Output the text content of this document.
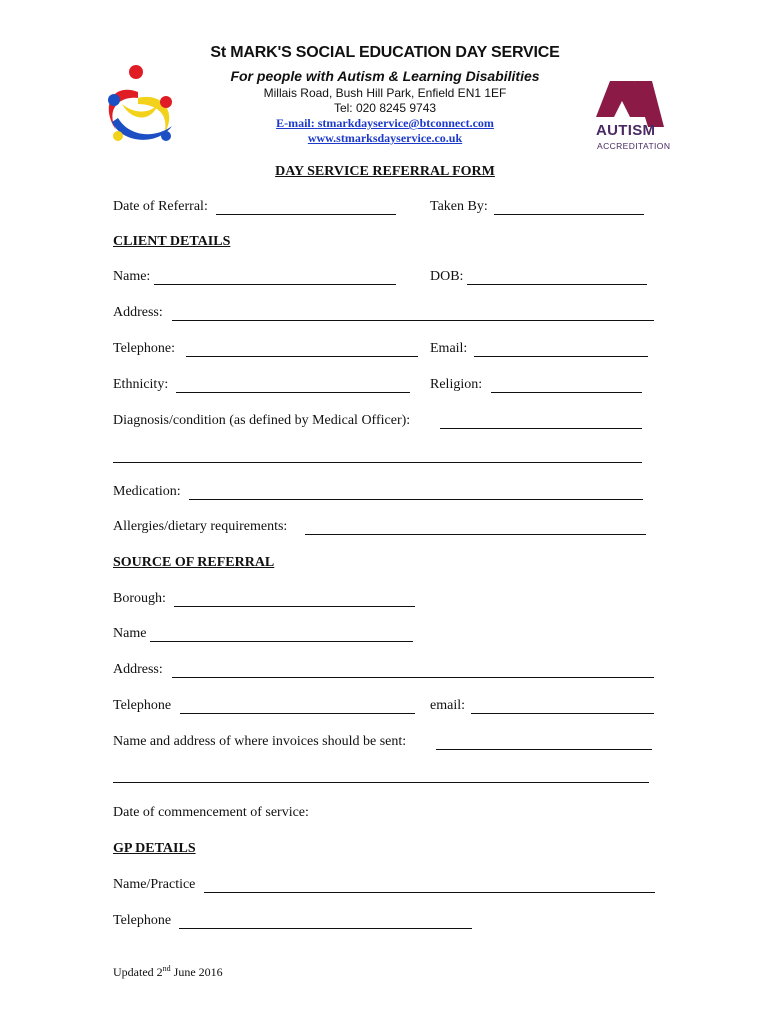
St MARK'S SOCIAL EDUCATION DAY SERVICE
For people with Autism & Learning Disabilities
Millais Road, Bush Hill Park, Enfield EN1 1EF
Tel: 020 8245 9743
E-mail: stmarkdayservice@btconnect.com
www.stmarksdayservice.co.uk	AUTISM
ACCREDITATION
DAY SERVICE REFERRAL FORM
Date of Referral:	Taken By:
CLIENT DETAILS
Name:	DOB:
Address:
Telephone:	Email:
Ethnicity:	Religion:
Diagnosis/condition (as defined by Medical Officer):
Medication:
Allergies/dietary requirements:
SOURCE OF REFERRAL
Borough:
Name
Address:
Telephone	email:
Name and address of where invoices should be sent:
Date of commencement of service:
GP DETAILS
Name/Practice
Telephone
Updated 2nd June 2016
